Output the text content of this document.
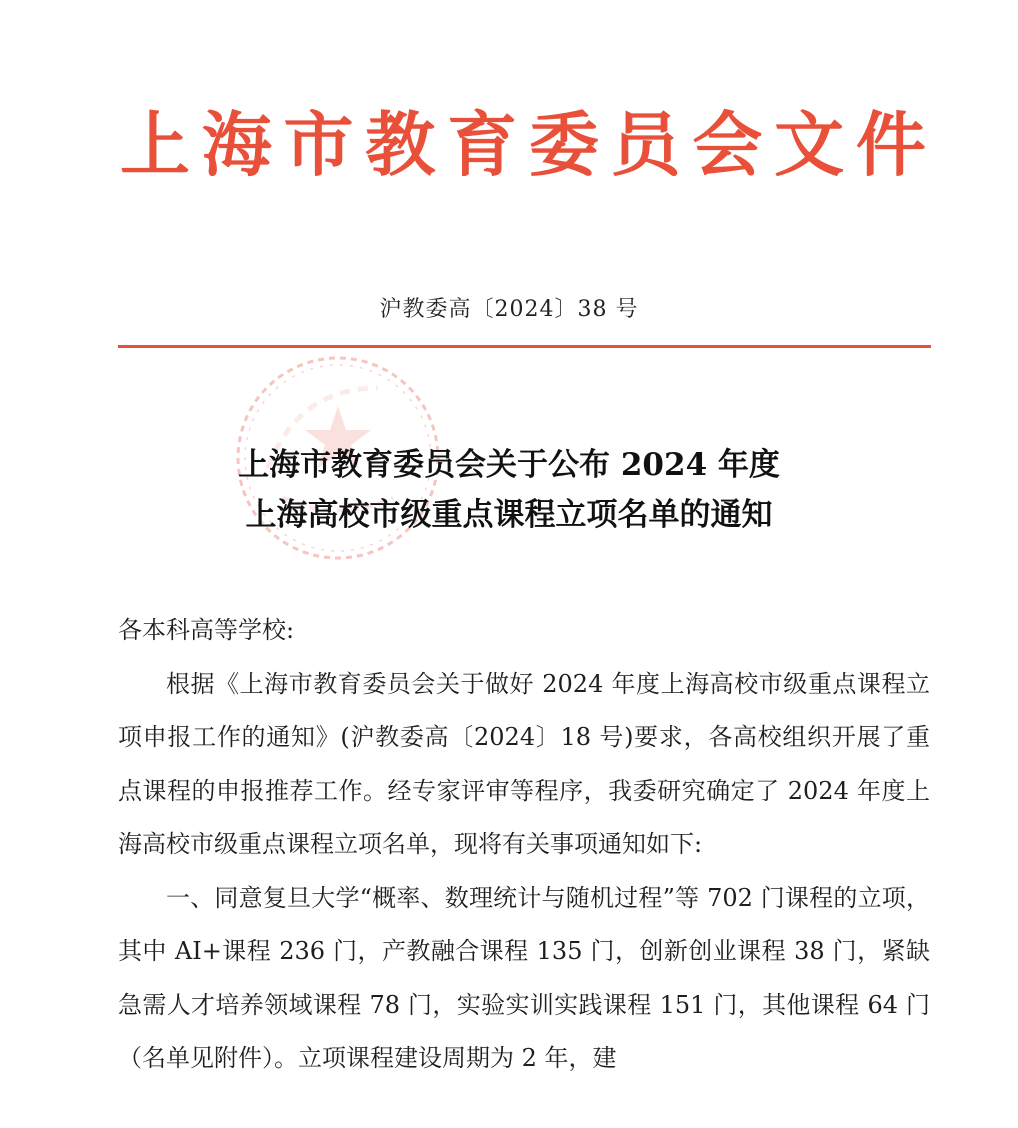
上 海 市 教 育 委 员 会 文 件
沪教委高〔2024〕38 号
上海市教育委员会关于公布 2024 年度
上海高校市级重点课程立项名单的通知

各本科高等学校:

根据《上海市教育委员会关于做好 2024 年度上海高校市级重点课程立项申报工作的通知》(沪教委高〔2024〕18 号)要求，各高校组织开展了重点课程的申报推荐工作。经专家评审等程序，我委研究确定了 2024 年度上海高校市级重点课程立项名单，现将有关事项通知如下:

一、同意复旦大学“概率、数理统计与随机过程”等 702 门课程的立项，其中 AI+课程 236 门，产教融合课程 135 门，创新创业课程 38 门，紧缺急需人才培养领域课程 78 门，实验实训实践课程 151 门，其他课程 64 门（名单见附件）。立项课程建设周期为 2 年，建
